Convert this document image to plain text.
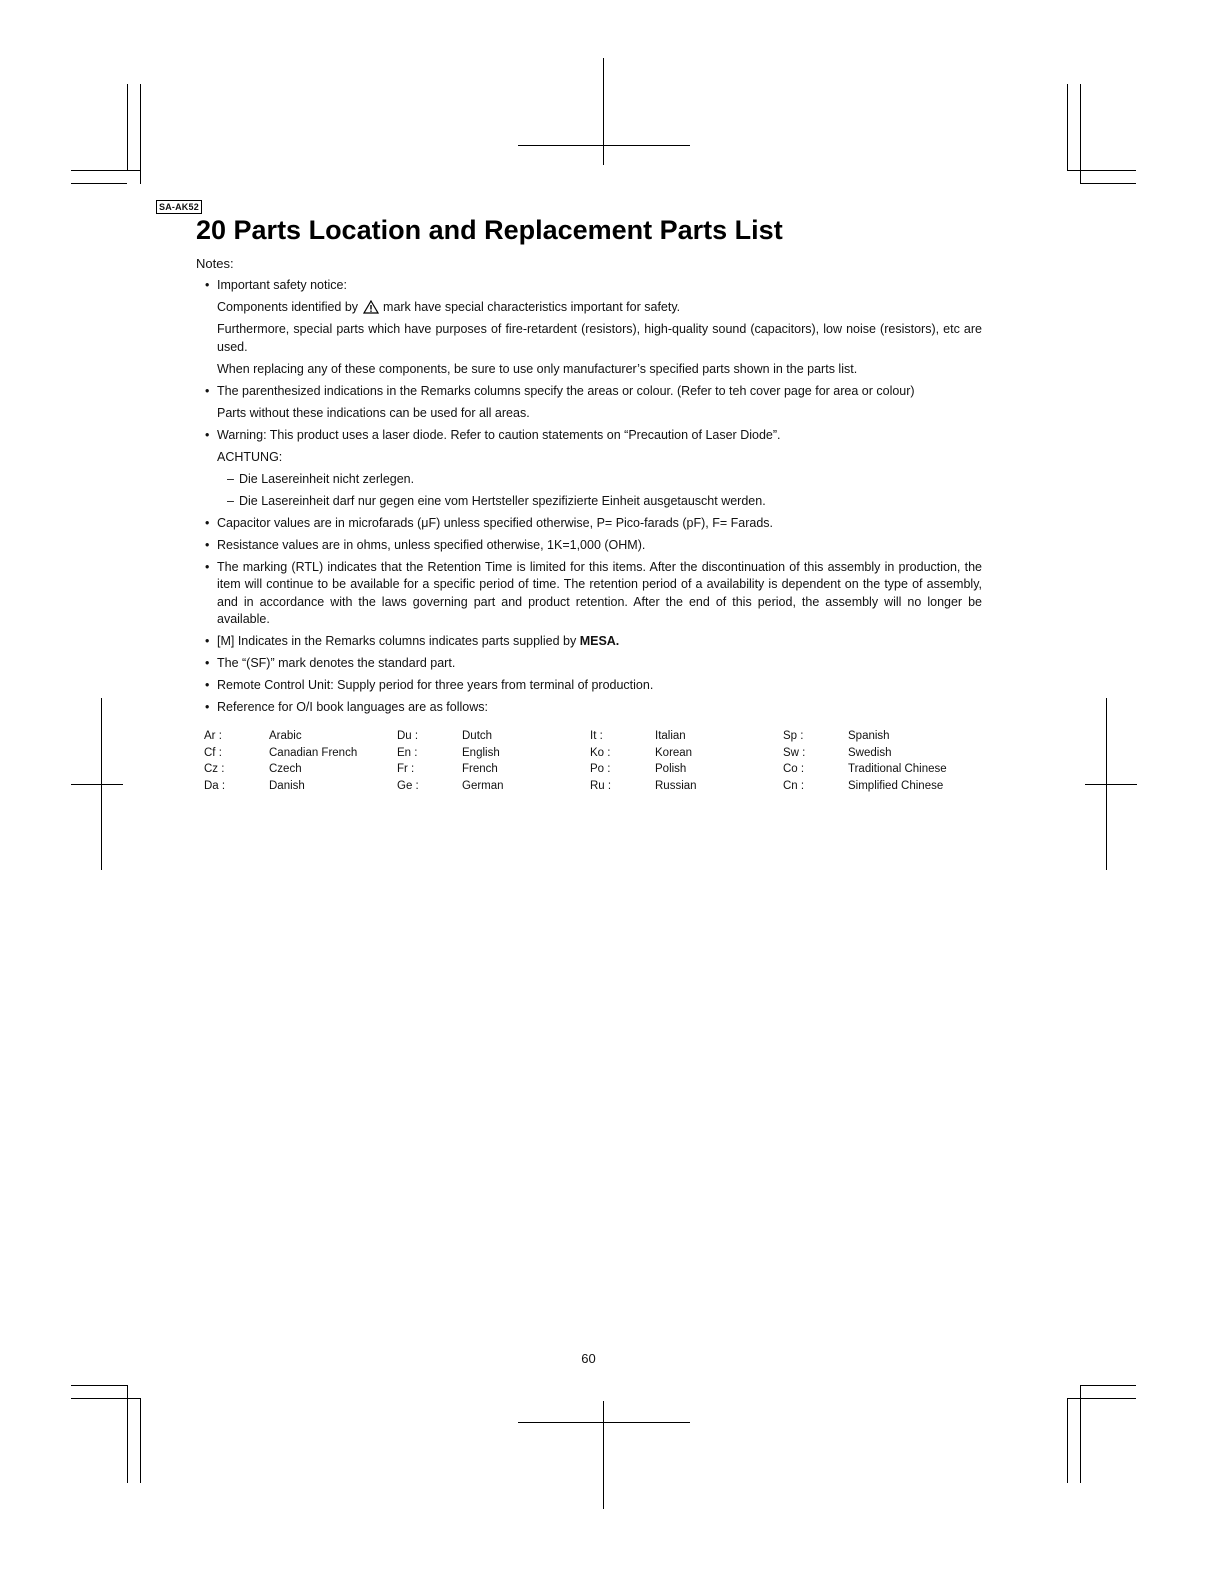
SA-AK52
20 Parts Location and Replacement Parts List
Notes:
• Important safety notice:
Components identified by mark have special characteristics important for safety.
Furthermore, special parts which have purposes of fire-retardent (resistors), high-quality sound (capacitors), low noise (resistors), etc are used.
When replacing any of these components, be sure to use only manufacturer’s specified parts shown in the parts list.
• The parenthesized indications in the Remarks columns specify the areas or colour. (Refer to teh cover page for area or colour)
Parts without these indications can be used for all areas.
• Warning: This product uses a laser diode. Refer to caution statements on “Precaution of Laser Diode”.
ACHTUNG:
– Die Lasereinheit nicht zerlegen.
– Die Lasereinheit darf nur gegen eine vom Hertsteller spezifizierte Einheit ausgetauscht werden.
• Capacitor values are in microfarads (μF) unless specified otherwise, P= Pico-farads (pF), F= Farads.
• Resistance values are in ohms, unless specified otherwise, 1K=1,000 (OHM).
• The marking (RTL) indicates that the Retention Time is limited for this items. After the discontinuation of this assembly in production, the item will continue to be available for a specific period of time. The retention period of a availability is dependent on the type of assembly, and in accordance with the laws governing part and product retention. After the end of this period, the assembly will no longer be available.
• [M] Indicates in the Remarks columns indicates parts supplied by MESA.
• The “(SF)” mark denotes the standard part.
• Remote Control Unit: Supply period for three years from terminal of production.
• Reference for O/I book languages are as follows:
Ar :	Arabic	Du :	Dutch	It :	Italian	Sp :	Spanish
Cf :	Canadian French	En :	English	Ko :	Korean	Sw :	Swedish
Cz :	Czech	Fr :	French	Po :	Polish	Co :	Traditional Chinese
Da :	Danish	Ge :	German	Ru :	Russian	Cn :	Simplified Chinese
60
